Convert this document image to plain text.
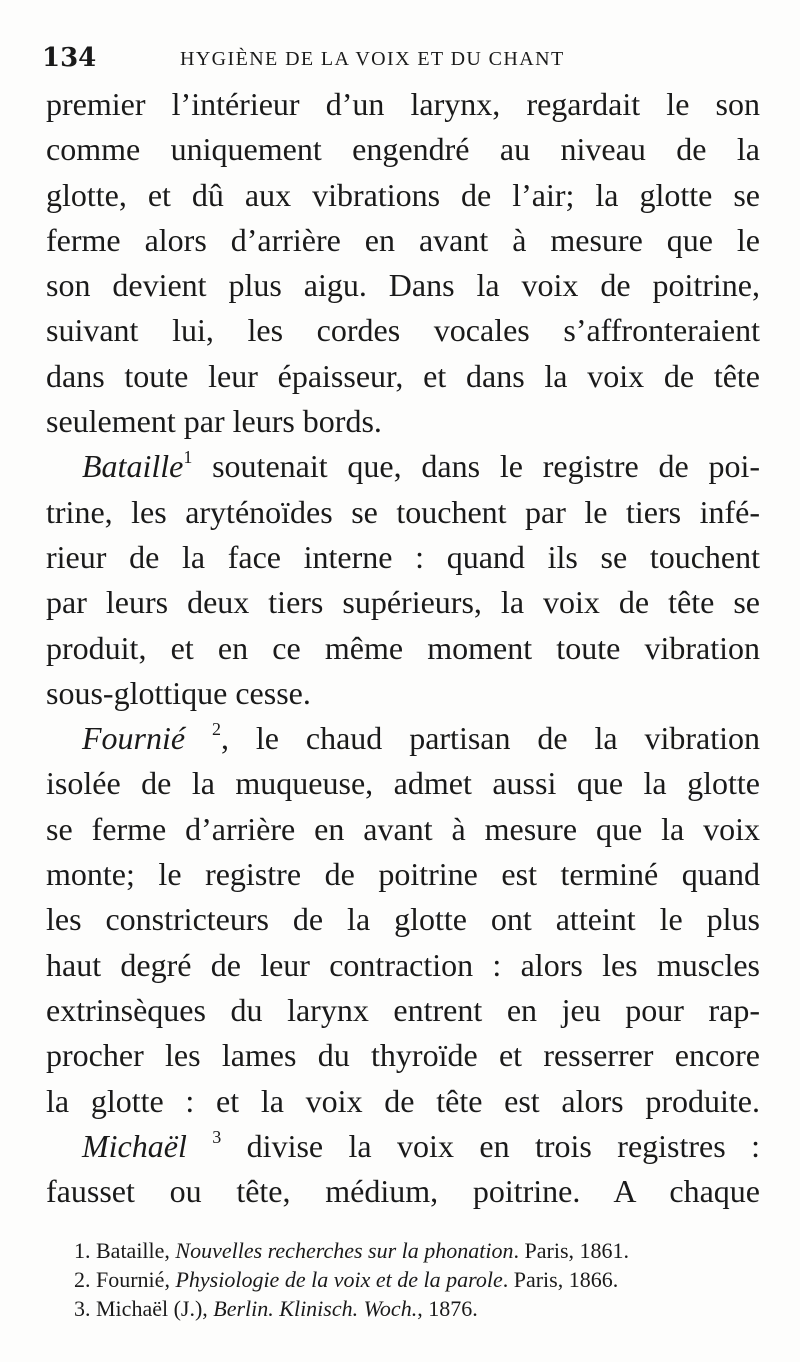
134	HYGIÈNE DE LA VOIX ET DU CHANT
premier l’intérieur d’un larynx, regardait le son
comme uniquement engendré au niveau de la
glotte, et dû aux vibrations de l’air; la glotte se
ferme alors d’arrière en avant à mesure que le
son devient plus aigu. Dans la voix de poitrine,
suivant lui, les cordes vocales s’affronteraient
dans toute leur épaisseur, et dans la voix de tête
seulement par leurs bords.
Bataille$^1$ soutenait que, dans le registre de poi-
trine, les aryténoïdes se touchent par le tiers infé-
rieur de la face interne : quand ils se touchent
par leurs deux tiers supérieurs, la voix de tête se
produit, et en ce même moment toute vibration
sous-glottique cesse.
Fournié $^2$, le chaud partisan de la vibration
isolée de la muqueuse, admet aussi que la glotte
se ferme d’arrière en avant à mesure que la voix
monte; le registre de poitrine est terminé quand
les constricteurs de la glotte ont atteint le plus
haut degré de leur contraction : alors les muscles
extrinsèques du larynx entrent en jeu pour rap-
procher les lames du thyroïde et resserrer encore
la glotte : et la voix de tête est alors produite.
Michaël $^3$ divise la voix en trois registres :
fausset ou tête, médium, poitrine. A chaque
1. Bataille, Nouvelles recherches sur la phonation. Paris, 1861.
2. Fournié, Physiologie de la voix et de la parole. Paris, 1866.
3. Michaël (J.), Berlin. Klinisch. Woch., 1876.
